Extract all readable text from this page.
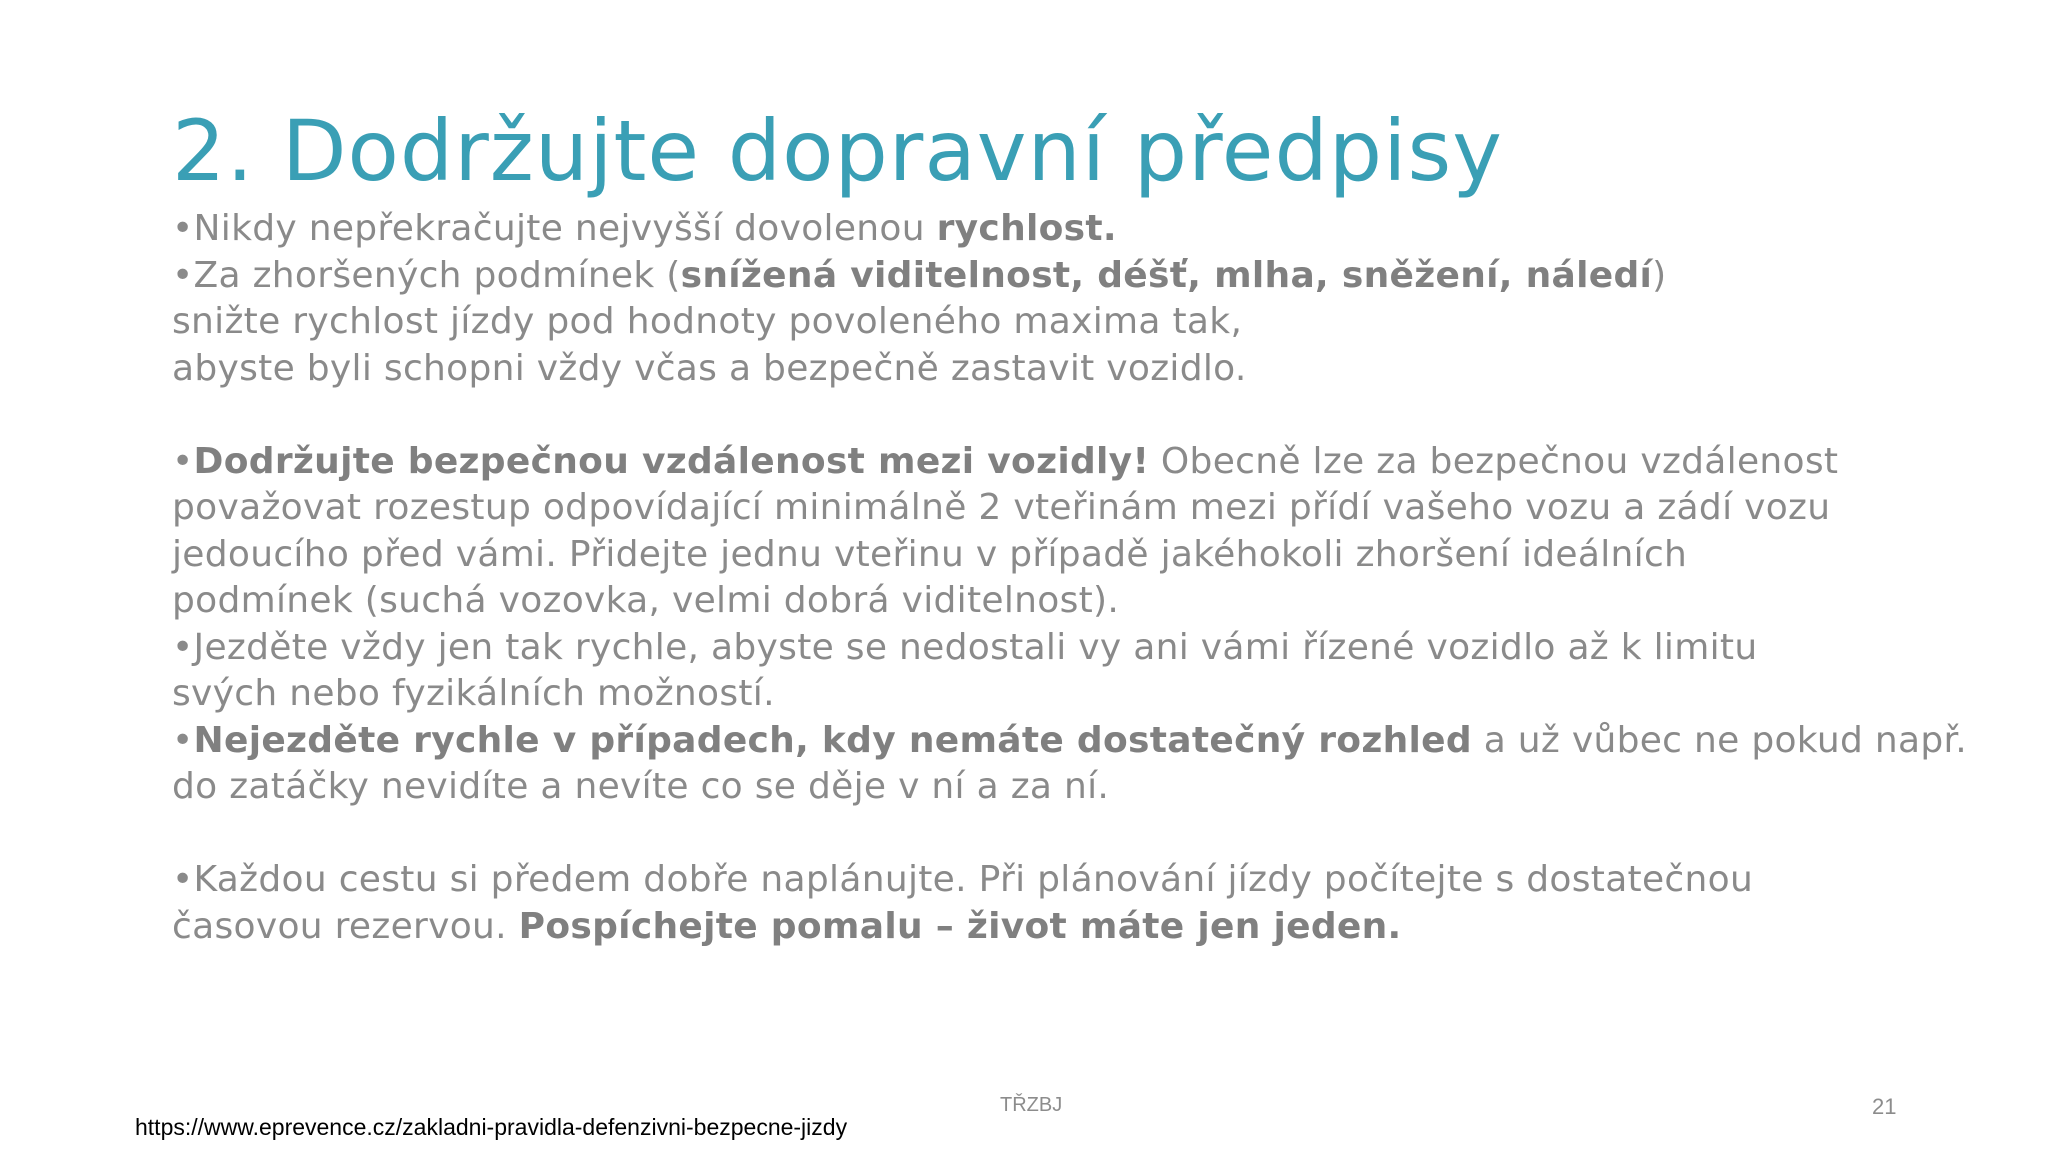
2. Dodržujte dopravní předpisy
•Nikdy nepřekračujte nejvyšší dovolenou rychlost.
•Za zhoršených podmínek (snížená viditelnost, déšť, mlha, sněžení, náledí)
snižte rychlost jízdy pod hodnoty povoleného maxima tak,
abyste byli schopni vždy včas a bezpečně zastavit vozidlo.
•Dodržujte bezpečnou vzdálenost mezi vozidly! Obecně lze za bezpečnou vzdálenost
považovat rozestup odpovídající minimálně 2 vteřinám mezi přídí vašeho vozu a zádí vozu
jedoucího před vámi. Přidejte jednu vteřinu v případě jakéhokoli zhoršení ideálních
podmínek (suchá vozovka, velmi dobrá viditelnost).
•Jezděte vždy jen tak rychle, abyste se nedostali vy ani vámi řízené vozidlo až k limitu
svých nebo fyzikálních možností.
•Nejezděte rychle v případech, kdy nemáte dostatečný rozhled a už vůbec ne pokud např.
do zatáčky nevidíte a nevíte co se děje v ní a za ní.
•Každou cestu si předem dobře naplánujte. Při plánování jízdy počítejte s dostatečnou
časovou rezervou. Pospíchejte pomalu – život máte jen jeden.
TŘZBJ	21
https://www.eprevence.cz/zakladni-pravidla-defenzivni-bezpecne-jizdy
